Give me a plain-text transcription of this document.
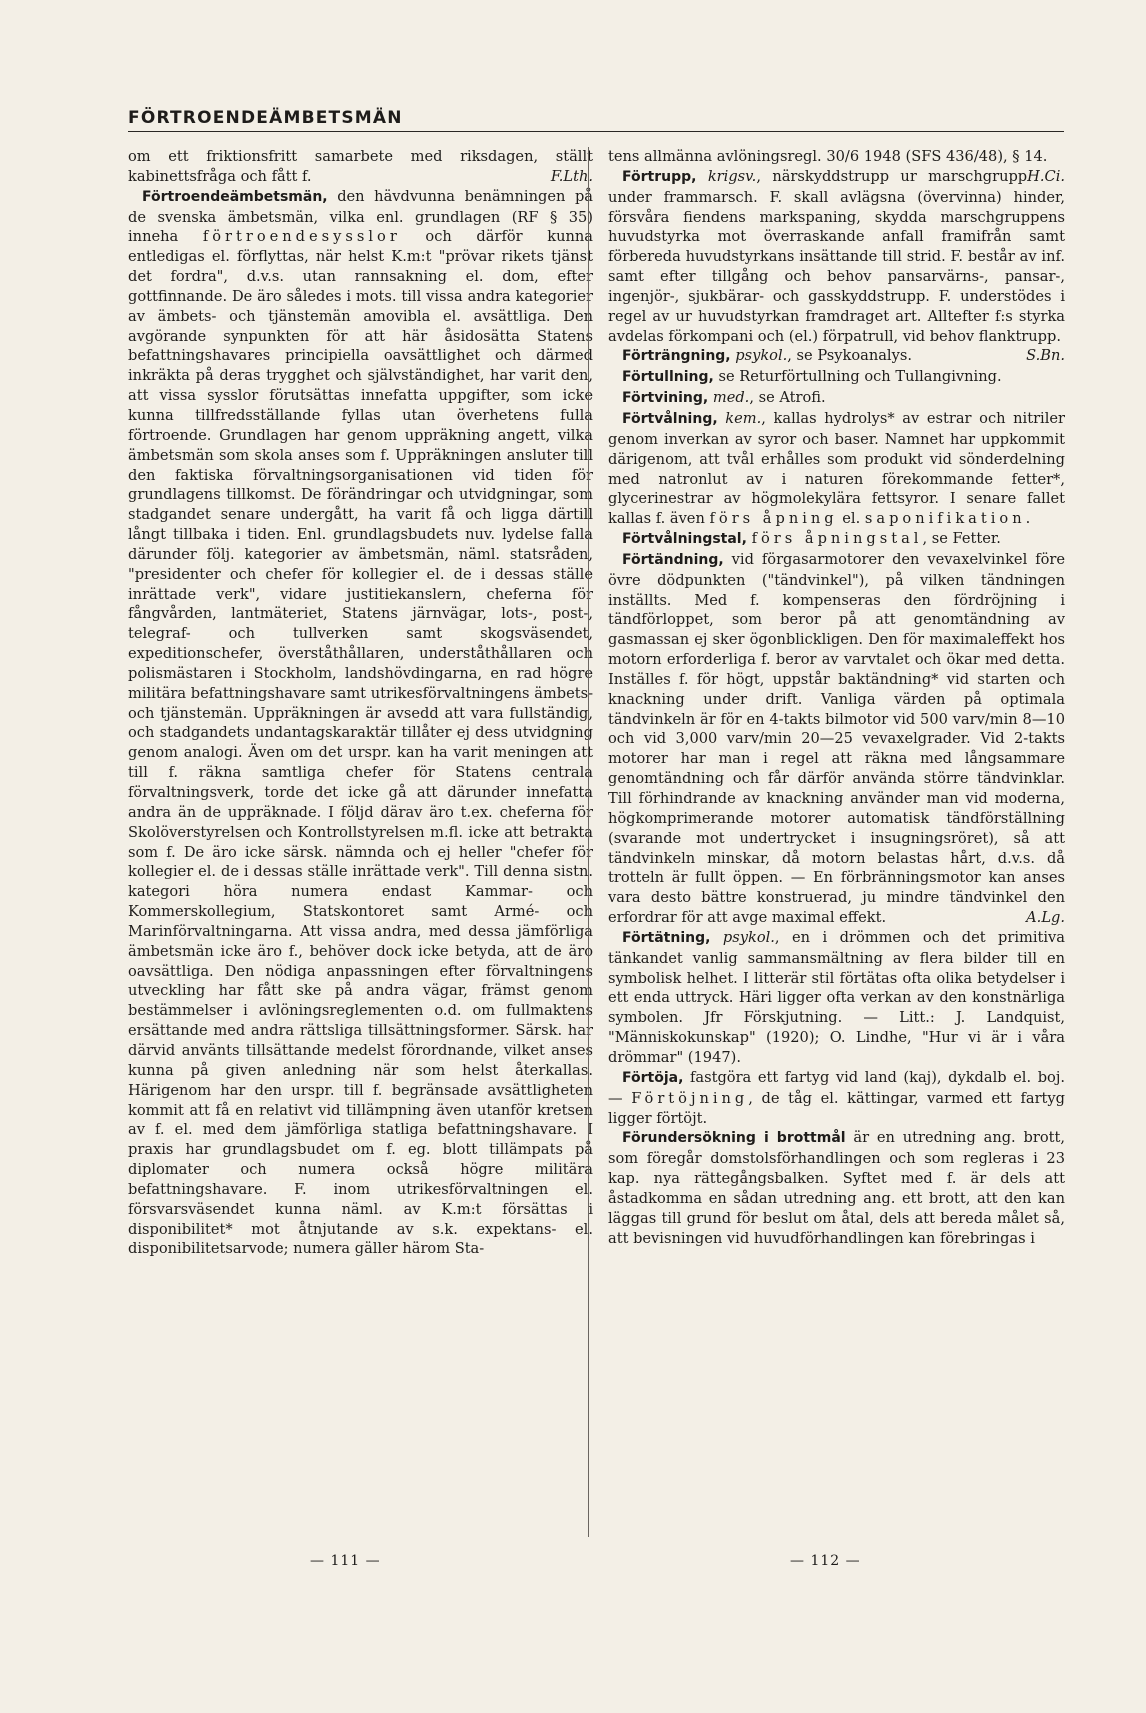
FÖRTROENDEÄMBETSMÄN

om ett friktionsfritt samarbete med riksdagen, ställt kabinettsfråga och fått f.	F.Lth.

Förtroendeämbetsmän, den hävdvunna benämningen på de svenska ämbetsmän, vilka enl. grundlagen (RF § 35) inneha förtroendesysslor och därför kunna entledigas el. förflyttas, när helst K.m:t "prövar rikets tjänst det fordra", d.v.s. utan rannsakning el. dom, efter gottfinnande. De äro således i mots. till vissa andra kategorier av ämbets- och tjänstemän amovibla el. avsättliga. Den avgörande synpunkten för att här åsidosätta Statens befattningshavares principiella oavsättlighet och därmed inkräkta på deras trygghet och självständighet, har varit den, att vissa sysslor förutsättas innefatta uppgifter, som icke kunna tillfredsställande fyllas utan överhetens fulla förtroende. Grundlagen har genom uppräkning angett, vilka ämbetsmän som skola anses som f. Uppräkningen ansluter till den faktiska förvaltningsorganisationen vid tiden för grundlagens tillkomst. De förändringar och utvidgningar, som stadgandet senare undergått, ha varit få och ligga därtill långt tillbaka i tiden. Enl. grundlagsbudets nuv. lydelse falla därunder följ. kategorier av ämbetsmän, näml. statsråden, "presidenter och chefer för kollegier el. de i dessas ställe inrättade verk", vidare justitiekanslern, cheferna för fångvården, lantmäteriet, Statens järnvägar, lots-, post-, telegraf- och tullverken samt skogsväsendet, expeditionschefer, överståthållaren, underståthållaren och polismästaren i Stockholm, landshövdingarna, en rad högre militära befattningshavare samt utrikesförvaltningens ämbets- och tjänstemän. Uppräkningen är avsedd att vara fullständig, och stadgandets undantagskaraktär tillåter ej dess utvidgning genom analogi. Även om det urspr. kan ha varit meningen att till f. räkna samtliga chefer för Statens centrala förvaltningsverk, torde det icke gå att därunder innefatta andra än de uppräknade. I följd därav äro t.ex. cheferna för Skolöverstyrelsen och Kontrollstyrelsen m.fl. icke att betrakta som f. De äro icke särsk. nämnda och ej heller "chefer för kollegier el. de i dessas ställe inrättade verk". Till denna sistn. kategori höra numera endast Kammar- och Kommerskollegium, Statskontoret samt Armé- och Marinförvaltningarna. Att vissa andra, med dessa jämförliga ämbetsmän icke äro f., behöver dock icke betyda, att de äro oavsättliga. Den nödiga anpassningen efter förvaltningens utveckling har fått ske på andra vägar, främst genom bestämmelser i avlöningsreglementen o.d. om fullmaktens ersättande med andra rättsliga tillsättningsformer. Särsk. har därvid använts tillsättande medelst förordnande, vilket anses kunna på given anledning när som helst återkallas. Härigenom har den urspr. till f. begränsade avsättligheten kommit att få en relativt vid tillämpning även utanför kretsen av f. el. med dem jämförliga statliga befattningshavare. I praxis har grundlagsbudet om f. eg. blott tillämpats på diplomater och numera också högre militära befattningshavare. F. inom utrikesförvaltningen el. försvarsväsendet kunna näml. av K.m:t försättas i disponibilitet* mot åtnjutande av s.k. expektans- el. disponibilitetsarvode; numera gäller härom Sta-

tens allmänna avlöningsregl. 30/6 1948 (SFS 436/48), § 14.
H.Ci.

Förtrupp, krigsv., närskyddstrupp ur marschgrupp under frammarsch. F. skall avlägsna (övervinna) hinder, försvåra fiendens markspaning, skydda marschgruppens huvudstyrka mot överraskande anfall framifrån samt förbereda huvudstyrkans insättande till strid. F. består av inf. samt efter tillgång och behov pansarvärns-, pansar-, ingenjör-, sjukbärar- och gasskyddstrupp. F. understödes i regel av ur huvudstyrkan framdraget art. Alltefter f:s styrka avdelas förkompani och (el.) förpatrull, vid behov flanktrupp.
S.Bn.

Förträngning, psykol., se Psykoanalys.

Förtullning, se Returförtullning och Tullangivning.

Förtvining, med., se Atrofi.

Förtvålning, kem., kallas hydrolys* av estrar och nitriler genom inverkan av syror och baser. Namnet har uppkommit därigenom, att tvål erhålles som produkt vid sönderdelning med natronlut av i naturen förekommande fetter*, glycerinestrar av högmolekylära fettsyror. I senare fallet kallas f. även förs åpning el. saponifikation.

Förtvålningstal, förs åpningstal, se Fetter.

Förtändning, vid förgasarmotorer den vevaxelvinkel före övre dödpunkten ("tändvinkel"), på vilken tändningen inställts. Med f. kompenseras den fördröjning i tändförloppet, som beror på att genomtändning av gasmassan ej sker ögonblickligen. Den för maximaleffekt hos motorn erforderliga f. beror av varvtalet och ökar med detta. Inställes f. för högt, uppstår baktändning* vid starten och knackning under drift. Vanliga värden på optimala tändvinkeln är för en 4-takts bilmotor vid 500 varv/min 8—10 och vid 3,000 varv/min 20—25 vevaxelgrader. Vid 2-takts motorer har man i regel att räkna med långsammare genomtändning och får därför använda större tändvinklar. Till förhindrande av knackning använder man vid moderna, högkomprimerande motorer automatisk tändförställning (svarande mot undertrycket i insugningsröret), så att tändvinkeln minskar, då motorn belastas hårt, d.v.s. då trotteln är fullt öppen. — En förbränningsmotor kan anses vara desto bättre konstruerad, ju mindre tändvinkel den erfordrar för att avge maximal effekt.	A.Lg.

Förtätning, psykol., en i drömmen och det primitiva tänkandet vanlig sammansmältning av flera bilder till en symbolisk helhet. I litterär stil förtätas ofta olika betydelser i ett enda uttryck. Häri ligger ofta verkan av den konstnärliga symbolen. Jfr Förskjutning. — Litt.: J. Landquist, "Människokunskap" (1920); O. Lindhe, "Hur vi är i våra drömmar" (1947).

Förtöja, fastgöra ett fartyg vid land (kaj), dykdalb el. boj. — Förtöjning, de tåg el. kättingar, varmed ett fartyg ligger förtöjt.

Förundersökning i brottmål är en utredning ang. brott, som föregår domstolsförhandlingen och som regleras i 23 kap. nya rättegångsbalken. Syftet med f. är dels att åstadkomma en sådan utredning ang. ett brott, att den kan läggas till grund för beslut om åtal, dels att bereda målet så, att bevisningen vid huvudförhandlingen kan förebringas i

— 111 —	— 112 —
